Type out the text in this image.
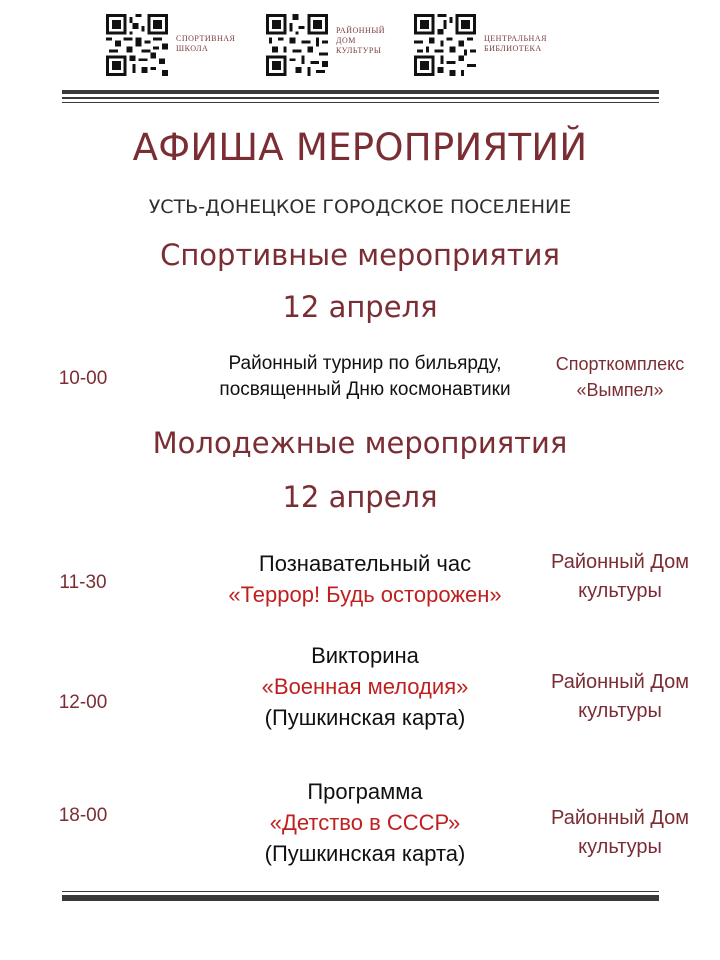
СПОРТИВНАЯ
ШКОЛА
РАЙОННЫЙ
ДОМ
КУЛЬТУРЫ
ЦЕНТРАЛЬНАЯ
БИБЛИОТЕКА
АФИША МЕРОПРИЯТИЙ
УСТЬ-ДОНЕЦКОЕ ГОРОДСКОЕ ПОСЕЛЕНИЕ
Спортивные мероприятия
12 апреля
10-00
Районный турнир по бильярду,
посвященный Дню космонавтики
Спорткомплекс
«Вымпел»
Молодежные мероприятия
12 апреля
11-30
Познавательный час
«Террор! Будь осторожен»
Районный Дом
культуры
12-00
Викторина
«Военная мелодия»
(Пушкинская карта)
Районный Дом
культуры
18-00
Программа
«Детство в СССР»
(Пушкинская карта)
Районный Дом
культуры
